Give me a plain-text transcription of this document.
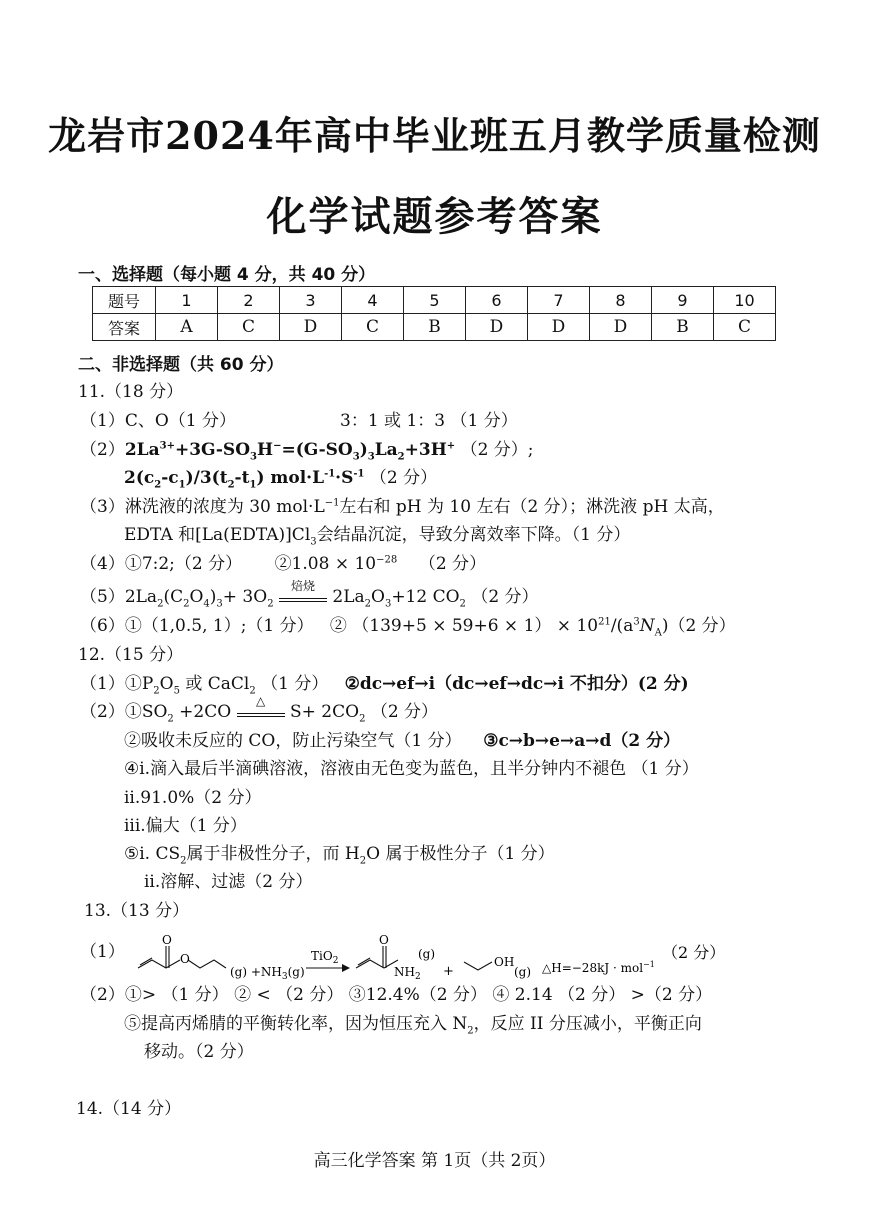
龙岩市2024年高中毕业班五月教学质量检测
化学试题参考答案
一、选择题（每小题 4 分，共 40 分）
题号	1	2	3	4	5	6	7	8	9	10
答案	A	C	D	C	B	D	D	D	B	C
二、非选择题（共 60 分）
11.（18 分）
（1）C、O（1 分）	3：1 或 1：3 （1 分）
$(2)2La^{3+}+3G-SO_3H^-=(G-SO_3)_3La_2+3H^+$ （2 分）;
$2(c_2-c_1)/3(t_2-t_1)$ $mol\cdot L^{-1}\cdot S^{-1}$ （2 分）
（3）淋洗液的浓度为 30 $mol\cdot L^{-1}$左右和 pH 为 10 左右（2 分）；淋洗液 pH 太高，
EDTA 和$[La(EDTA)]Cl_3$会结晶沉淀，导致分离效率下降。（1 分）
（4）①7:2;（2 分） ②1.08 × $10^{-28}$ （2 分）
$(5)2La_2(C_2O_4)_3+ 3O_2$
焙烧
$2La_2O_3+12$ $CO_2$ （2 分）
（6）①（1,0.5, 1）;（1 分） ② $(139+5 \times 59+6 \times 1) \times 10^{21}/(a^3N_A)(2$ 分）
12.（15 分）
$(1)①P_2O_5$ 或 CaCl$_2$ （1 分） ②dc→ef→i（dc→ef→dc→i 不扣分）(2 分)
$(2)①SO_2 +2CO$
△
$S+ 2CO_2$ （2 分）
②吸收未反应的 CO，防止污染空气（1 分） ③c→b→e→a→d（2 分）
④i.滴入最后半滴碘溶液，溶液由无色变为蓝色，且半分钟内不褪色 （1 分）
ii.91.0%（2 分）
iii.偏大（1 分）
⑤i. $CS_2$属于非极性分子，而 $H_2O$ 属于极性分子（1 分）
ii.溶解、过滤（2 分）
13.（13 分）
（1）
O
O
$(g) +NH_3(g)$
TiO$_2$
O
$NH_2$
(g)
+
OH
(g) △H=−28kJ · mol$^{-1}$
（2 分）
（2）①> （1 分） ② < （2 分） ③12.4%（2 分） ④ 2.14 （2 分） >（2 分）
⑤提高丙烯腈的平衡转化率，因为恒压充入 $N_2$，反应 II 分压减小，平衡正向
移动。（2 分）
14.（14 分）
高三化学答案 第 1页（共 2页）
